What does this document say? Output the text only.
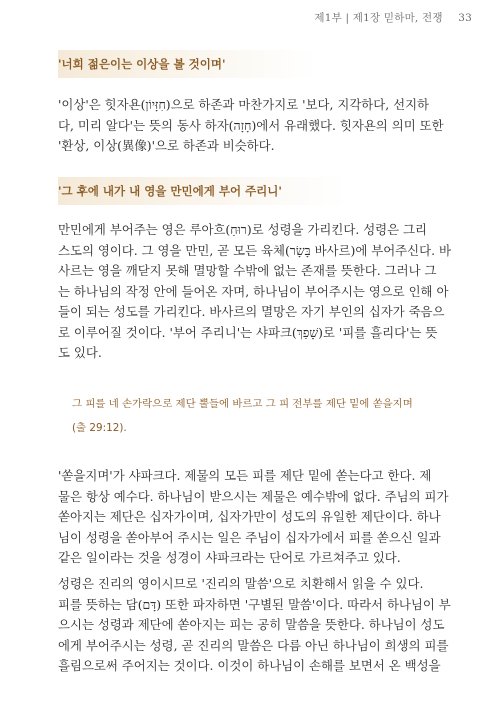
제1부 | 제1장 믿하마, 전쟁 33
'너희 젊은이는 이상을 볼 것이며'
'이상'은 힛자욘(חִזָּיוֹן)으로 하존과 마찬가지로 '보다, 지각하다, 선지하
다, 미리 알다'는 뜻의 동사 하자(חָזָה)에서 유래했다. 힛자욘의 의미 또한
'환상, 이상(異像)'으로 하존과 비슷하다.
'그 후에 내가 내 영을 만민에게 부어 주리니'
만민에게 부어주는 영은 루아흐(רוּחַ)로 성령을 가리킨다. 성령은 그리
스도의 영이다. 그 영을 만민, 곧 모든 육체(בָּשָׂר 바사르)에 부어주신다. 바
사르는 영을 깨닫지 못해 멸망할 수밖에 없는 존재를 뜻한다. 그러나 그
는 하나님의 작정 안에 들어온 자며, 하나님이 부어주시는 영으로 인해 아
들이 되는 성도를 가리킨다. 바사르의 멸망은 자기 부인의 십자가 죽음으
로 이루어질 것이다. '부어 주리니'는 샤파크(שָׁפַךְ)로 '피를 흘리다'는 뜻
도 있다.
그 피를 네 손가락으로 제단 뿔들에 바르고 그 피 전부를 제단 밑에 쏟을지며
(출 29:12).
'쏟을지며'가 샤파크다. 제물의 모든 피를 제단 밑에 쏟는다고 한다. 제
물은 항상 예수다. 하나님이 받으시는 제물은 예수밖에 없다. 주님의 피가
쏟아지는 제단은 십자가이며, 십자가만이 성도의 유일한 제단이다. 하나
님이 성령을 쏟아부어 주시는 일은 주님이 십자가에서 피를 쏟으신 일과
같은 일이라는 것을 성경이 샤파크라는 단어로 가르쳐주고 있다.
성령은 진리의 영이시므로 '진리의 말씀'으로 치환해서 읽을 수 있다.
피를 뜻하는 담(דָּם) 또한 파자하면 '구별된 말씀'이다. 따라서 하나님이 부
으시는 성령과 제단에 쏟아지는 피는 공히 말씀을 뜻한다. 하나님이 성도
에게 부어주시는 성령, 곧 진리의 말씀은 다름 아닌 하나님이 희생의 피를
흘림으로써 주어지는 것이다. 이것이 하나님이 손해를 보면서 온 백성을
